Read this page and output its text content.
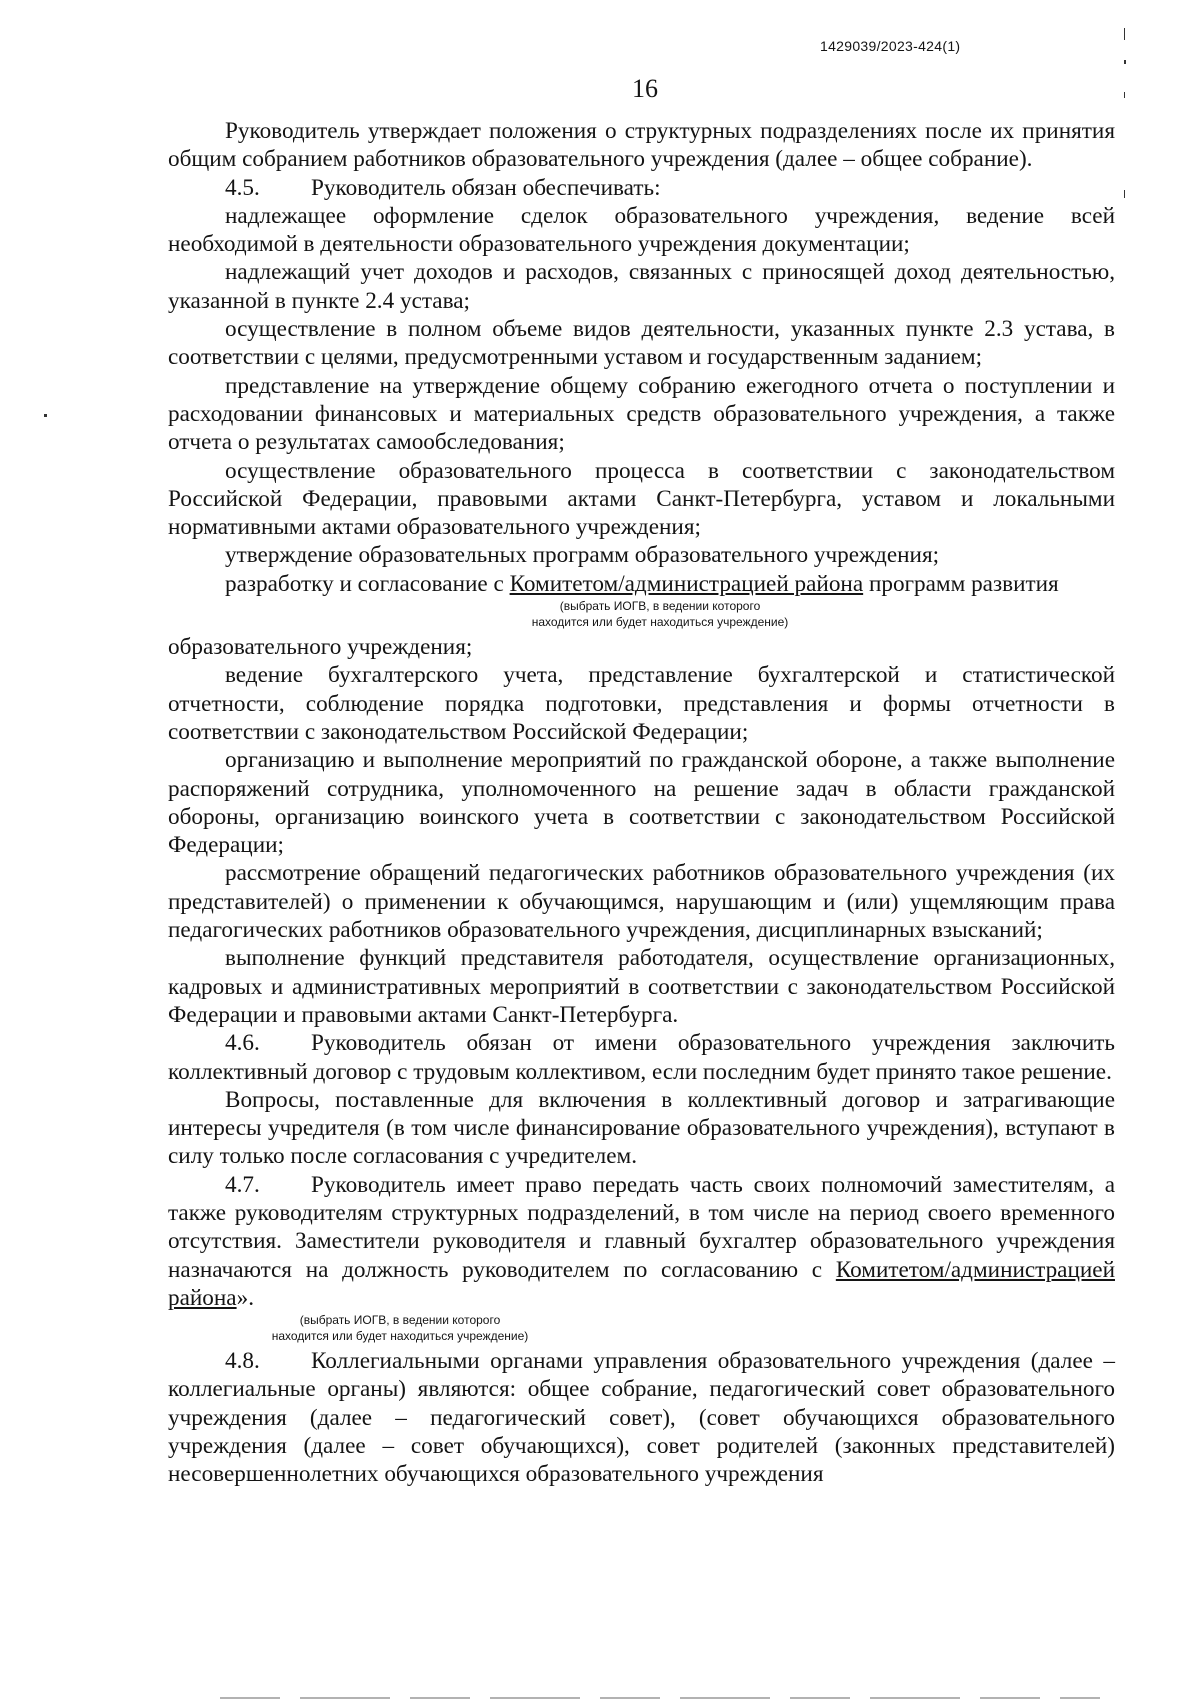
1429039/2023-424(1)
16

Руководитель утверждает положения о структурных подразделениях после их принятия общим собранием работников образовательного учреждения (далее – общее собрание).

4.5. Руководитель обязан обеспечивать:

надлежащее оформление сделок образовательного учреждения, ведение всей необходимой в деятельности образовательного учреждения документации;

надлежащий учет доходов и расходов, связанных с приносящей доход деятельностью, указанной в пункте 2.4 устава;

осуществление в полном объеме видов деятельности, указанных пункте 2.3 устава, в соответствии с целями, предусмотренными уставом и государственным заданием;

представление на утверждение общему собранию ежегодного отчета о поступлении и расходовании финансовых и материальных средств образовательного учреждения, а также отчета о результатах самообследования;

осуществление образовательного процесса в соответствии с законодательством Российской Федерации, правовыми актами Санкт-Петербурга, уставом и локальными нормативными актами образовательного учреждения;

утверждение образовательных программ образовательного учреждения;

разработку и согласование с Комитетом/администрацией района программ развития

(выбрать ИОГВ, в ведении которого

находится или будет находиться учреждение)

образовательного учреждения;

ведение бухгалтерского учета, представление бухгалтерской и статистической отчетности, соблюдение порядка подготовки, представления и формы отчетности в соответствии с законодательством Российской Федерации;

организацию и выполнение мероприятий по гражданской обороне, а также выполнение распоряжений сотрудника, уполномоченного на решение задач в области гражданской обороны, организацию воинского учета в соответствии с законодательством Российской Федерации;

рассмотрение обращений педагогических работников образовательного учреждения (их представителей) о применении к обучающимся, нарушающим и (или) ущемляющим права педагогических работников образовательного учреждения, дисциплинарных взысканий;

выполнение функций представителя работодателя, осуществление организационных, кадровых и административных мероприятий в соответствии с законодательством Российской Федерации и правовыми актами Санкт-Петербурга.

4.6. Руководитель обязан от имени образовательного учреждения заключить коллективный договор с трудовым коллективом, если последним будет принято такое решение.

Вопросы, поставленные для включения в коллективный договор и затрагивающие интересы учредителя (в том числе финансирование образовательного учреждения), вступают в силу только после согласования с учредителем.

4.7. Руководитель имеет право передать часть своих полномочий заместителям, а также руководителям структурных подразделений, в том числе на период своего временного отсутствия. Заместители руководителя и главный бухгалтер образовательного учреждения назначаются на должность руководителем по согласованию с Комитетом/администрацией района».

(выбрать ИОГВ, в ведении которого

находится или будет находиться учреждение)

4.8. Коллегиальными органами управления образовательного учреждения (далее – коллегиальные органы) являются: общее собрание, педагогический совет образовательного учреждения (далее – педагогический совет), (совет обучающихся образовательного учреждения (далее – совет обучающихся), совет родителей (законных представителей) несовершеннолетних обучающихся образовательного учреждения
